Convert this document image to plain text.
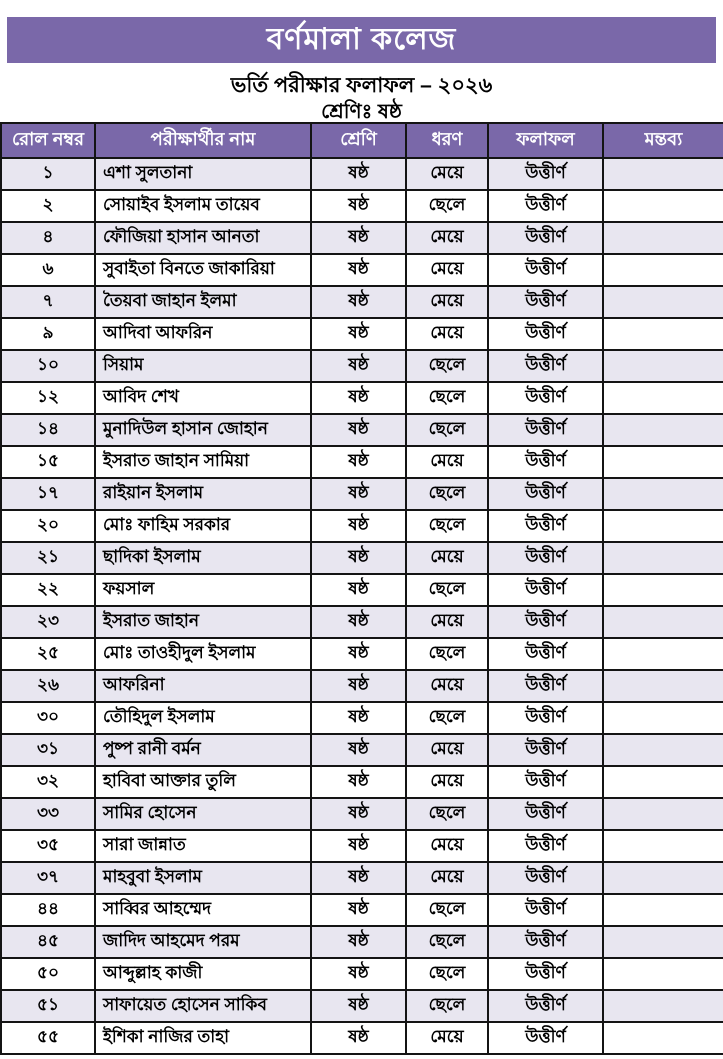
বর্ণমালা কলেজ
ভর্তি পরীক্ষার ফলাফল – ২০২৬
শ্রেণিঃ ষষ্ঠ
রোল নম্বর	পরীক্ষার্থীর নাম	শ্রেণি	ধরণ	ফলাফল	মন্তব্য
১	এশা সুলতানা	ষষ্ঠ	মেয়ে	উত্তীর্ণ	
২	সোয়াইব ইসলাম তায়েব	ষষ্ঠ	ছেলে	উত্তীর্ণ	
৪	ফৌজিয়া হাসান আনতা	ষষ্ঠ	মেয়ে	উত্তীর্ণ	
৬	সুবাইতা বিনতে জাকারিয়া	ষষ্ঠ	মেয়ে	উত্তীর্ণ	
৭	তৈয়বা জাহান ইলমা	ষষ্ঠ	মেয়ে	উত্তীর্ণ	
৯	আদিবা আফরিন	ষষ্ঠ	মেয়ে	উত্তীর্ণ	
১০	সিয়াম	ষষ্ঠ	ছেলে	উত্তীর্ণ	
১২	আবিদ শেখ	ষষ্ঠ	ছেলে	উত্তীর্ণ	
১৪	মুনাদিউল হাসান জোহান	ষষ্ঠ	ছেলে	উত্তীর্ণ	
১৫	ইসরাত জাহান সামিয়া	ষষ্ঠ	মেয়ে	উত্তীর্ণ	
১৭	রাইয়ান ইসলাম	ষষ্ঠ	ছেলে	উত্তীর্ণ	
২০	মোঃ ফাহিম সরকার	ষষ্ঠ	ছেলে	উত্তীর্ণ	
২১	ছাদিকা ইসলাম	ষষ্ঠ	মেয়ে	উত্তীর্ণ	
২২	ফয়সাল	ষষ্ঠ	ছেলে	উত্তীর্ণ	
২৩	ইসরাত জাহান	ষষ্ঠ	মেয়ে	উত্তীর্ণ	
২৫	মোঃ তাওহীদুল ইসলাম	ষষ্ঠ	ছেলে	উত্তীর্ণ	
২৬	আফরিনা	ষষ্ঠ	মেয়ে	উত্তীর্ণ	
৩০	তৌহিদুল ইসলাম	ষষ্ঠ	ছেলে	উত্তীর্ণ	
৩১	পুষ্প রানী বর্মন	ষষ্ঠ	মেয়ে	উত্তীর্ণ	
৩২	হাবিবা আক্তার তুলি	ষষ্ঠ	মেয়ে	উত্তীর্ণ	
৩৩	সামির হোসেন	ষষ্ঠ	ছেলে	উত্তীর্ণ	
৩৫	সারা জান্নাত	ষষ্ঠ	মেয়ে	উত্তীর্ণ	
৩৭	মাহবুবা ইসলাম	ষষ্ঠ	মেয়ে	উত্তীর্ণ	
৪৪	সাব্বির আহম্মেদ	ষষ্ঠ	ছেলে	উত্তীর্ণ	
৪৫	জাদিদ আহমেদ পরম	ষষ্ঠ	ছেলে	উত্তীর্ণ	
৫০	আব্দুল্লাহ কাজী	ষষ্ঠ	ছেলে	উত্তীর্ণ	
৫১	সাফায়েত হোসেন সাকিব	ষষ্ঠ	ছেলে	উত্তীর্ণ	
৫৫	ইশিকা নাজির তাহা	ষষ্ঠ	মেয়ে	উত্তীর্ণ	
